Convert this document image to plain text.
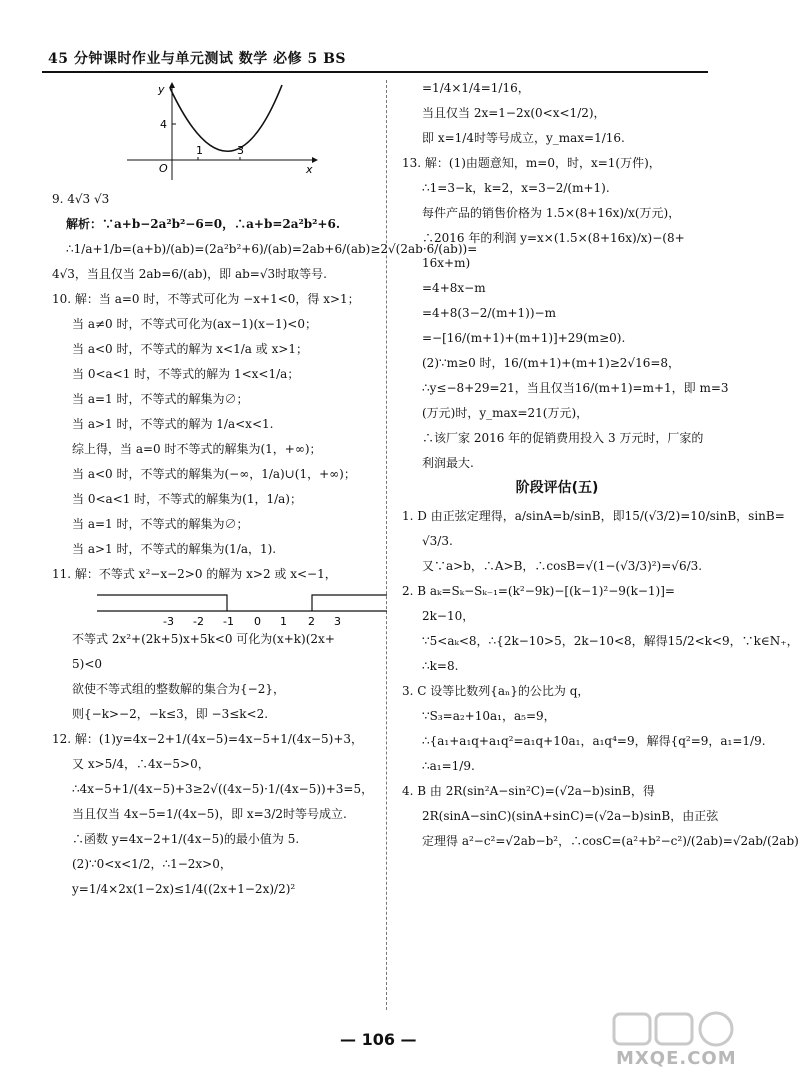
45 分钟课时作业与单元测试 数学 必修 5 BS
y
x
O
4
1	3
9. 4√3 √3
解析：∵a+b−2a²b²−6=0，∴a+b=2a²b²+6.
∴1/a+1/b=(a+b)/(ab)=(2a²b²+6)/(ab)=2ab+6/(ab)≥2√(2ab·6/(ab))=
4√3，当且仅当 2ab=6/(ab)，即 ab=√3时取等号.
10. 解：当 a=0 时，不等式可化为 −x+1<0，得 x>1；
当 a≠0 时，不等式可化为(ax−1)(x−1)<0；
当 a<0 时，不等式的解为 x<1/a 或 x>1；
当 0<a<1 时，不等式的解为 1<x<1/a；
当 a=1 时，不等式的解集为∅；
当 a>1 时，不等式的解为 1/a<x<1.
综上得，当 a=0 时不等式的解集为(1，+∞)；
当 a<0 时，不等式的解集为(−∞，1/a)∪(1，+∞)；
当 0<a<1 时，不等式的解集为(1，1/a)；
当 a=1 时，不等式的解集为∅；
当 a>1 时，不等式的解集为(1/a，1).
11. 解：不等式 x²−x−2>0 的解为 x>2 或 x<−1，
-3 -2 -1 0 1 2 3
不等式 2x²+(2k+5)x+5k<0 可化为(x+k)(2x+
5)<0
欲使不等式组的整数解的集合为{−2}，
则{−k>−2，−k≤3，即 −3≤k<2.
12. 解：(1)y=4x−2+1/(4x−5)=4x−5+1/(4x−5)+3，
又 x>5/4，∴4x−5>0，
∴4x−5+1/(4x−5)+3≥2√((4x−5)·1/(4x−5))+3=5，
当且仅当 4x−5=1/(4x−5)，即 x=3/2时等号成立.
∴函数 y=4x−2+1/(4x−5)的最小值为 5.
(2)∵0<x<1/2，∴1−2x>0，
y=1/4×2x(1−2x)≤1/4((2x+1−2x)/2)²
=1/4×1/4=1/16，
当且仅当 2x=1−2x(0<x<1/2)，
即 x=1/4时等号成立，y_max=1/16.
13. 解：(1)由题意知，m=0，时，x=1(万件)，
∴1=3−k，k=2，x=3−2/(m+1).
每件产品的销售价格为 1.5×(8+16x)/x(万元)，
∴2016 年的利润 y=x×(1.5×(8+16x)/x)−(8+
16x+m)
=4+8x−m
=4+8(3−2/(m+1))−m
=−[16/(m+1)+(m+1)]+29(m≥0).
(2)∵m≥0 时，16/(m+1)+(m+1)≥2√16=8，
∴y≤−8+29=21，当且仅当16/(m+1)=m+1，即 m=3
(万元)时，y_max=21(万元)，
∴该厂家 2016 年的促销费用投入 3 万元时，厂家的
利润最大.
阶段评估(五)
1. D 由正弦定理得，a/sinA=b/sinB，即15/(√3/2)=10/sinB，sinB=
√3/3.
又∵a>b，∴A>B，∴cosB=√(1−(√3/3)²)=√6/3.
2. B aₖ=Sₖ−Sₖ₋₁=(k²−9k)−[(k−1)²−9(k−1)]=
2k−10，
∵5<aₖ<8，∴{2k−10>5，2k−10<8，解得15/2<k<9，∵k∈N₊，
∴k=8.
3. C 设等比数列{aₙ}的公比为 q，
∵S₃=a₂+10a₁，a₅=9，
∴{a₁+a₁q+a₁q²=a₁q+10a₁，a₁q⁴=9，解得{q²=9，a₁=1/9.
∴a₁=1/9.
4. B 由 2R(sin²A−sin²C)=(√2a−b)sinB，得
2R(sinA−sinC)(sinA+sinC)=(√2a−b)sinB，由正弦
定理得 a²−c²=√2ab−b²，∴cosC=(a²+b²−c²)/(2ab)=√2ab/(2ab)
— 106 —
MXQE.COM
